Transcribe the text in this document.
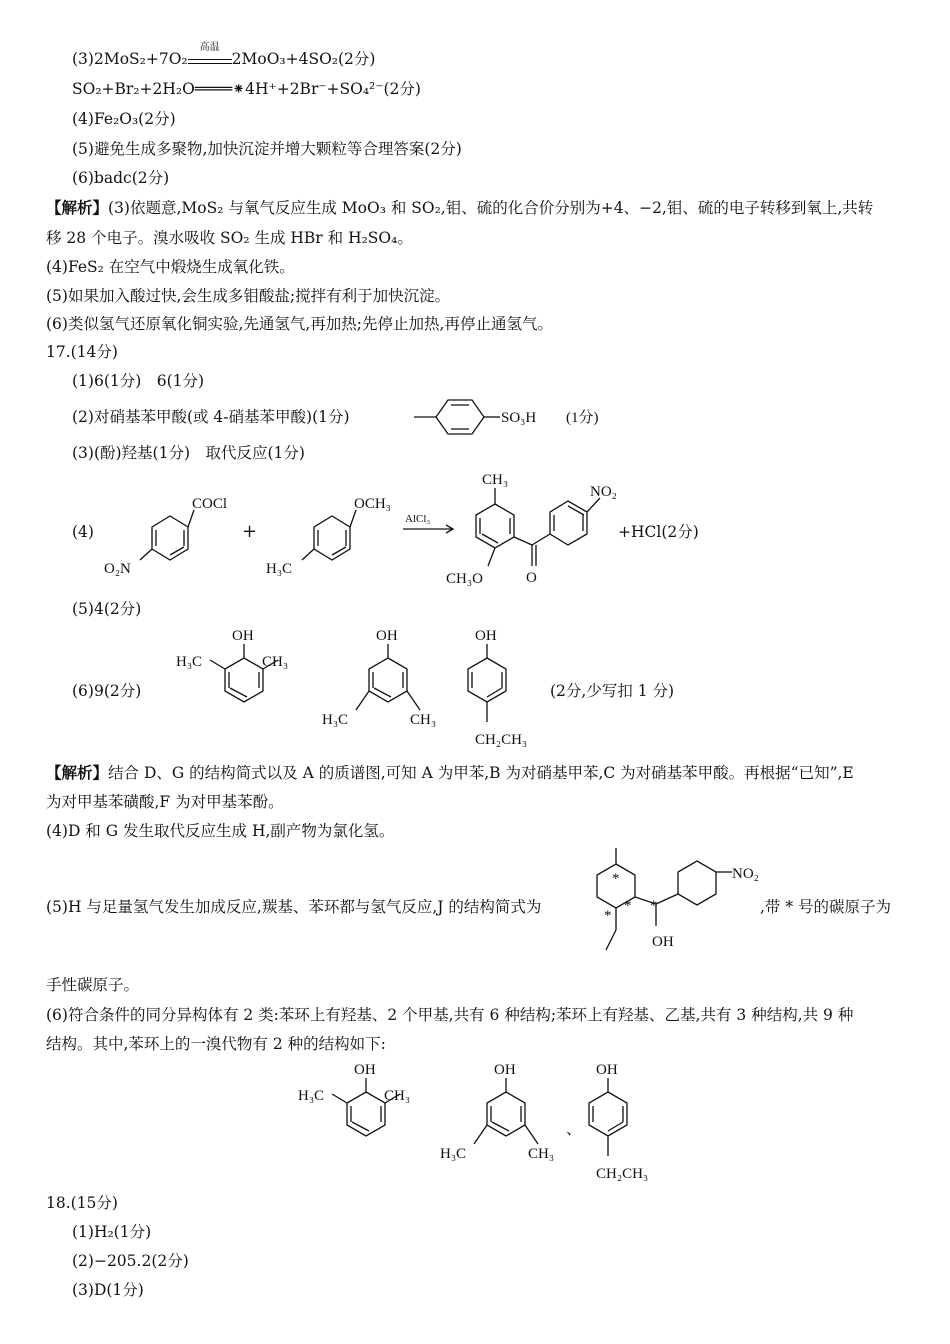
(3)2MoS₂+7O₂
高温
2MoO₃+4SO₂(2分)
SO₂+Br₂+2H₂O════⁕4H⁺+2Br⁻+SO₄²⁻(2分)
(4)Fe₂O₃(2分)
(5)避免生成多聚物,加快沉淀并增大颗粒等合理答案(2分)
(6)badc(2分)
【解析】(3)依题意,MoS₂ 与氧气反应生成 MoO₃ 和 SO₂,钼、硫的化合价分别为+4、−2,钼、硫的电子转移到氧上,共转
移 28 个电子。溴水吸收 SO₂ 生成 HBr 和 H₂SO₄。
(4)FeS₂ 在空气中煅烧生成氧化铁。
(5)如果加入酸过快,会生成多钼酸盐;搅拌有利于加快沉淀。
(6)类似氢气还原氧化铜实验,先通氢气,再加热;先停止加热,再停止通氢气。
17.(14分)
(1)6(1分)　6(1分)
(2)对硝基苯甲酸(或 4-硝基苯甲酸)(1分)	SO₃H (1分)
(3)(酚)羟基(1分)　取代反应(1分)
(4)
COCl
O₂N
+
OCH₃
H₃C
AlCl₃
CH₃
CH₃O	O
NO₂
+HCl(2分)
(5)4(2分)
(6)9(2分)
OH
H₃C	CH₃
OH
H₃C	CH₃
OH
CH₂CH₃
(2分,少写扣 1 分)
【解析】结合 D、G 的结构简式以及 A 的质谱图,可知 A 为甲苯,B 为对硝基甲苯,C 为对硝基苯甲酸。再根据“已知”,E
为对甲基苯磺酸,F 为对甲基苯酚。
(4)D 和 G 发生取代反应生成 H,副产物为氯化氢。
(5)H 与足量氢气发生加成反应,羰基、苯环都与氢气反应,J 的结构简式为
*
*
*
*
OH
NO₂
,带 * 号的碳原子为
手性碳原子。
(6)符合条件的同分异构体有 2 类:苯环上有羟基、2 个甲基,共有 6 种结构;苯环上有羟基、乙基,共有 3 种结构,共 9 种
结构。其中,苯环上的一溴代物有 2 种的结构如下:
OH
H₃C	CH₃
OH
H₃C	CH₃
、
OH
CH₂CH₃
18.(15分)
(1)H₂(1分)
(2)−205.2(2分)
(3)D(1分)
